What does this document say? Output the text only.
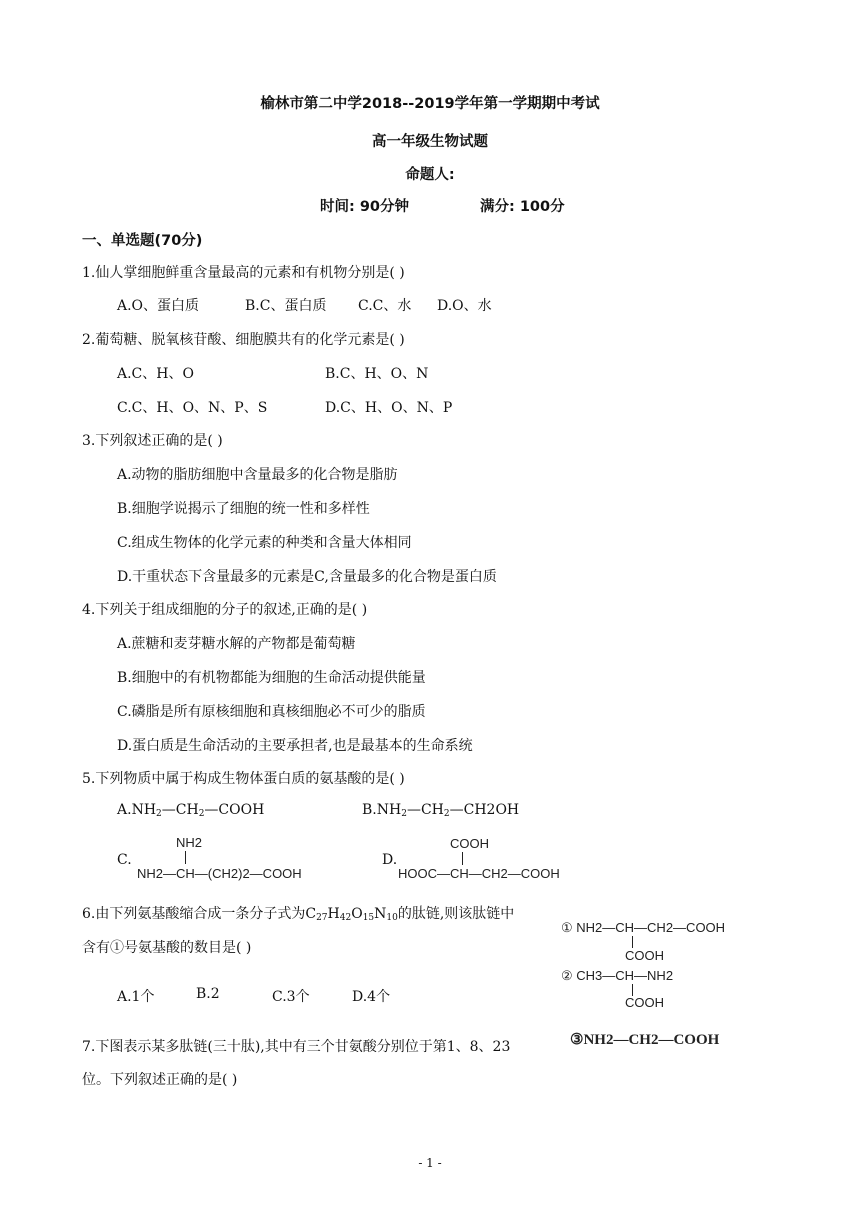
榆林市第二中学2018--2019学年第一学期期中考试
高一年级生物试题
命题人:
时间: 90分钟	满分: 100分
一、单选题(70分)
1.仙人掌细胞鲜重含量最高的元素和有机物分别是( )
A.O、蛋白质	B.C、蛋白质 C.C、水 D.O、水
2.葡萄糖、脱氧核苷酸、细胞膜共有的化学元素是( )
A.C、H、O	B.C、H、O、N
C.C、H、O、N、P、S	D.C、H、O、N、P
3.下列叙述正确的是( )
A.动物的脂肪细胞中含量最多的化合物是脂肪
B.细胞学说揭示了细胞的统一性和多样性
C.组成生物体的化学元素的种类和含量大体相同
D.干重状态下含量最多的元素是C,含量最多的化合物是蛋白质
4.下列关于组成细胞的分子的叙述,正确的是( )
A.蔗糖和麦芽糖水解的产物都是葡萄糖
B.细胞中的有机物都能为细胞的生命活动提供能量
C.磷脂是所有原核细胞和真核细胞必不可少的脂质
D.蛋白质是生命活动的主要承担者,也是最基本的生命系统
5.下列物质中属于构成生物体蛋白质的氨基酸的是( )
$A.NH_2—CH_2—COOH$	$B.NH_2—CH_2—CH2OH$
C.
NH2
NH2—CH—(CH2)2—COOH
D.
COOH
HOOC—CH—CH2—COOH
6.由下列氨基酸缩合成一条分子式为$C_{27}H_{42}O_{15}N_{10}$的肽链,则该肽链中
含有①号氨基酸的数目是( )
A.1个	B.2	C.3个	D.4个
① NH2—CH—CH2—COOH
COOH
② CH3—CH—NH2
COOH
③NH2—CH2—COOH
7.下图表示某多肽链(三十肽),其中有三个甘氨酸分别位于第1、8、23
位。下列叙述正确的是( )
- 1 -
